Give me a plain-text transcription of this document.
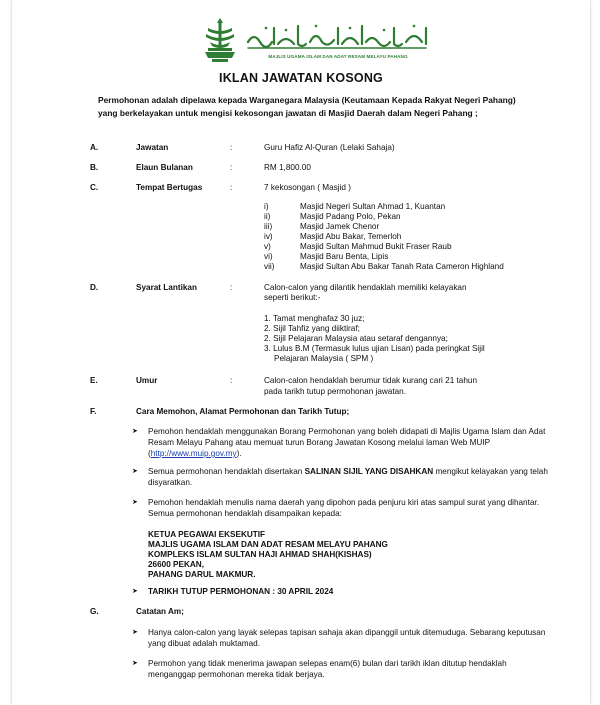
MAJLIS UGAMA ISLAM DAN ADAT RESAM MELAYU PAHANG
IKLAN JAWATAN KOSONG
Permohonan adalah dipelawa kepada Warganegara Malaysia (Keutamaan Kepada Rakyat Negeri Pahang) yang berkelayakan untuk mengisi kekosongan jawatan di Masjid Daerah dalam Negeri Pahang ;
A.	Jawatan	:	Guru Hafiz Al-Quran (Lelaki Sahaja)
B.	Elaun Bulanan	:	RM 1,800.00
C.	Tempat Bertugas	:	7 kekosongan ( Masjid )
i)	Masjid Negeri Sultan Ahmad 1, Kuantan
ii)	Masjid Padang Polo, Pekan
iii)	Masjid Jamek Chenor
iv)	Masjid Abu Bakar, Temerloh
v)	Masjid Sultan Mahmud Bukit Fraser Raub
vi)	Masjid Baru Benta, Lipis
vii)	Masjid Sultan Abu Bakar Tanah Rata Cameron Highland
D.	Syarat Lantikan	:	Calon-calon yang dilantik hendaklah memiliki kelayakan
seperti berikut:-
1. Tamat menghafaz 30 juz;
2. Sijil Tahfiz yang diiktiraf;
2. Sijil Pelajaran Malaysia atau setaraf dengannya;
3. Lulus B.M (Termasuk lulus ujian Lisan) pada peringkat Sijil
Pelajaran Malaysia ( SPM )
E.	Umur	:	Calon-calon hendaklah berumur tidak kurang cari 21 tahun
pada tarikh tutup permohonan jawatan.
F.	Cara Memohon, Alamat Permohonan dan Tarikh Tutup;
➤ Pemohon hendaklah menggunakan Borang Permohonan yang boleh didapati di Majlis Ugama Islam dan Adat Resam Melayu Pahang atau memuat turun Borang Jawatan Kosong melalui laman Web MUIP (http://www.muip.gov.my).
➤ Semua permohonan hendaklah disertakan SALINAN SIJIL YANG DISAHKAN mengikut kelayakan yang telah disyaratkan.
➤ Pemohon hendaklah menulis nama daerah yang dipohon pada penjuru kiri atas sampul surat yang dihantar. Semua permohonan hendaklah disampaikan kepada:
KETUA PEGAWAI EKSEKUTIF
MAJLIS UGAMA ISLAM DAN ADAT RESAM MELAYU PAHANG
KOMPLEKS ISLAM SULTAN HAJI AHMAD SHAH(KISHAS)
26600 PEKAN,
PAHANG DARUL MAKMUR.
➤ TARIKH TUTUP PERMOHONAN : 30 APRIL 2024
G.	Catatan Am;
➤ Hanya calon-calon yang layak selepas tapisan sahaja akan dipanggil untuk ditemuduga. Sebarang keputusan yang dibuat adalah muktamad.
➤ Permohon yang tidak menerima jawapan selepas enam(6) bulan dari tarikh iklan ditutup hendaklah menganggap permohonan mereka tidak berjaya.
